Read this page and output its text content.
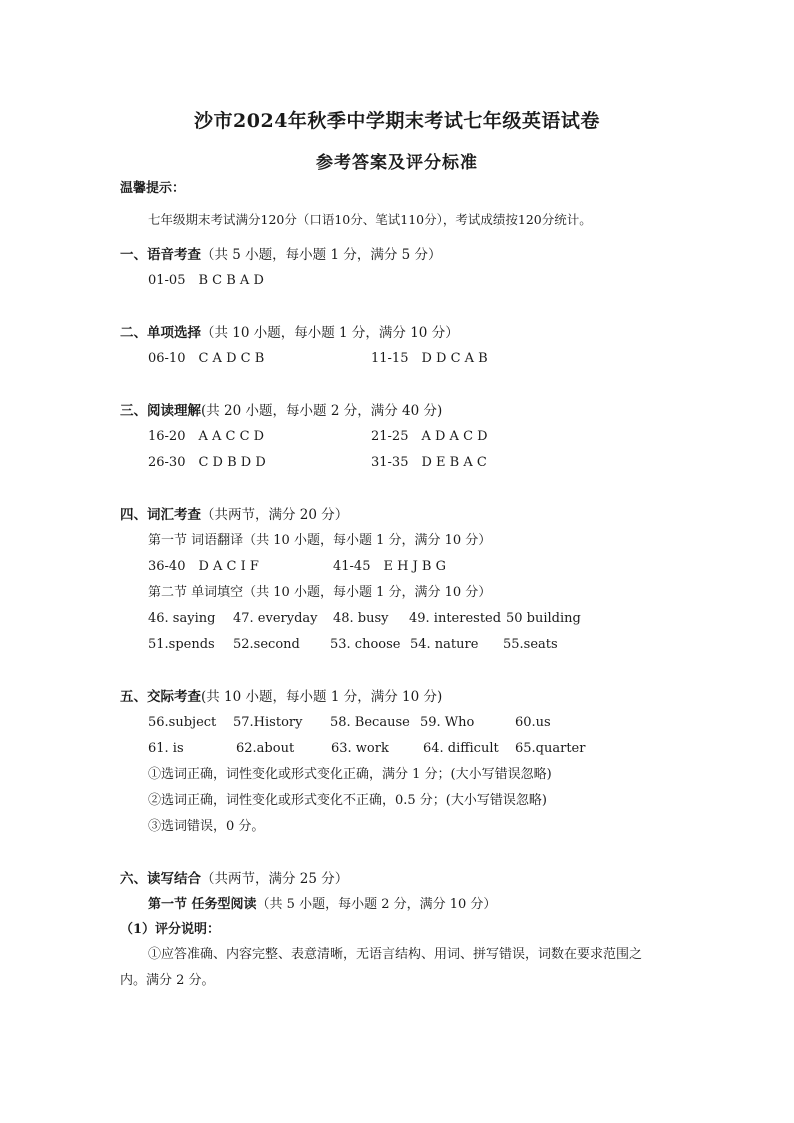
沙市2024年秋季中学期末考试七年级英语试卷
参考答案及评分标准
温馨提示：
七年级期末考试满分120分（口语10分、笔试110分），考试成绩按120分统计。
一、语音考查（共 5 小题，每小题 1 分，满分 5 分）
01-05　B C B A D
二、单项选择（共 10 小题，每小题 1 分，满分 10 分）
06-10　C A D C B	11-15　D D C A B
三、阅读理解(共 20 小题，每小题 2 分，满分 40 分)
16-20　A A C C D	21-25　A D A C D
26-30　C D B D D	31-35　D E B A C
四、词汇考查（共两节，满分 20 分）
第一节 词语翻译（共 10 小题，每小题 1 分，满分 10 分）
36-40　D A C I F	41-45　E H J B G
第二节 单词填空（共 10 小题，每小题 1 分，满分 10 分）
46. saying 47. everyday 48. busy 49. interested 50 building
51.spends 52.second 53. choose 54. nature 55.seats
五、交际考查(共 10 小题，每小题 1 分，满分 10 分)
56.subject 57.History 58. Because 59. Who	60.us
61. is	62.about	63. work	64. difficult 65.quarter
①选词正确，词性变化或形式变化正确，满分 1 分；(大小写错误忽略)
②选词正确，词性变化或形式变化不正确，0.5 分；(大小写错误忽略)
③选词错误，0 分。
六、读写结合（共两节，满分 25 分）
第一节 任务型阅读（共 5 小题，每小题 2 分，满分 10 分）
（1）评分说明：
①应答准确、内容完整、表意清晰，无语言结构、用词、拼写错误，词数在要求范围之
内。满分 2 分。
